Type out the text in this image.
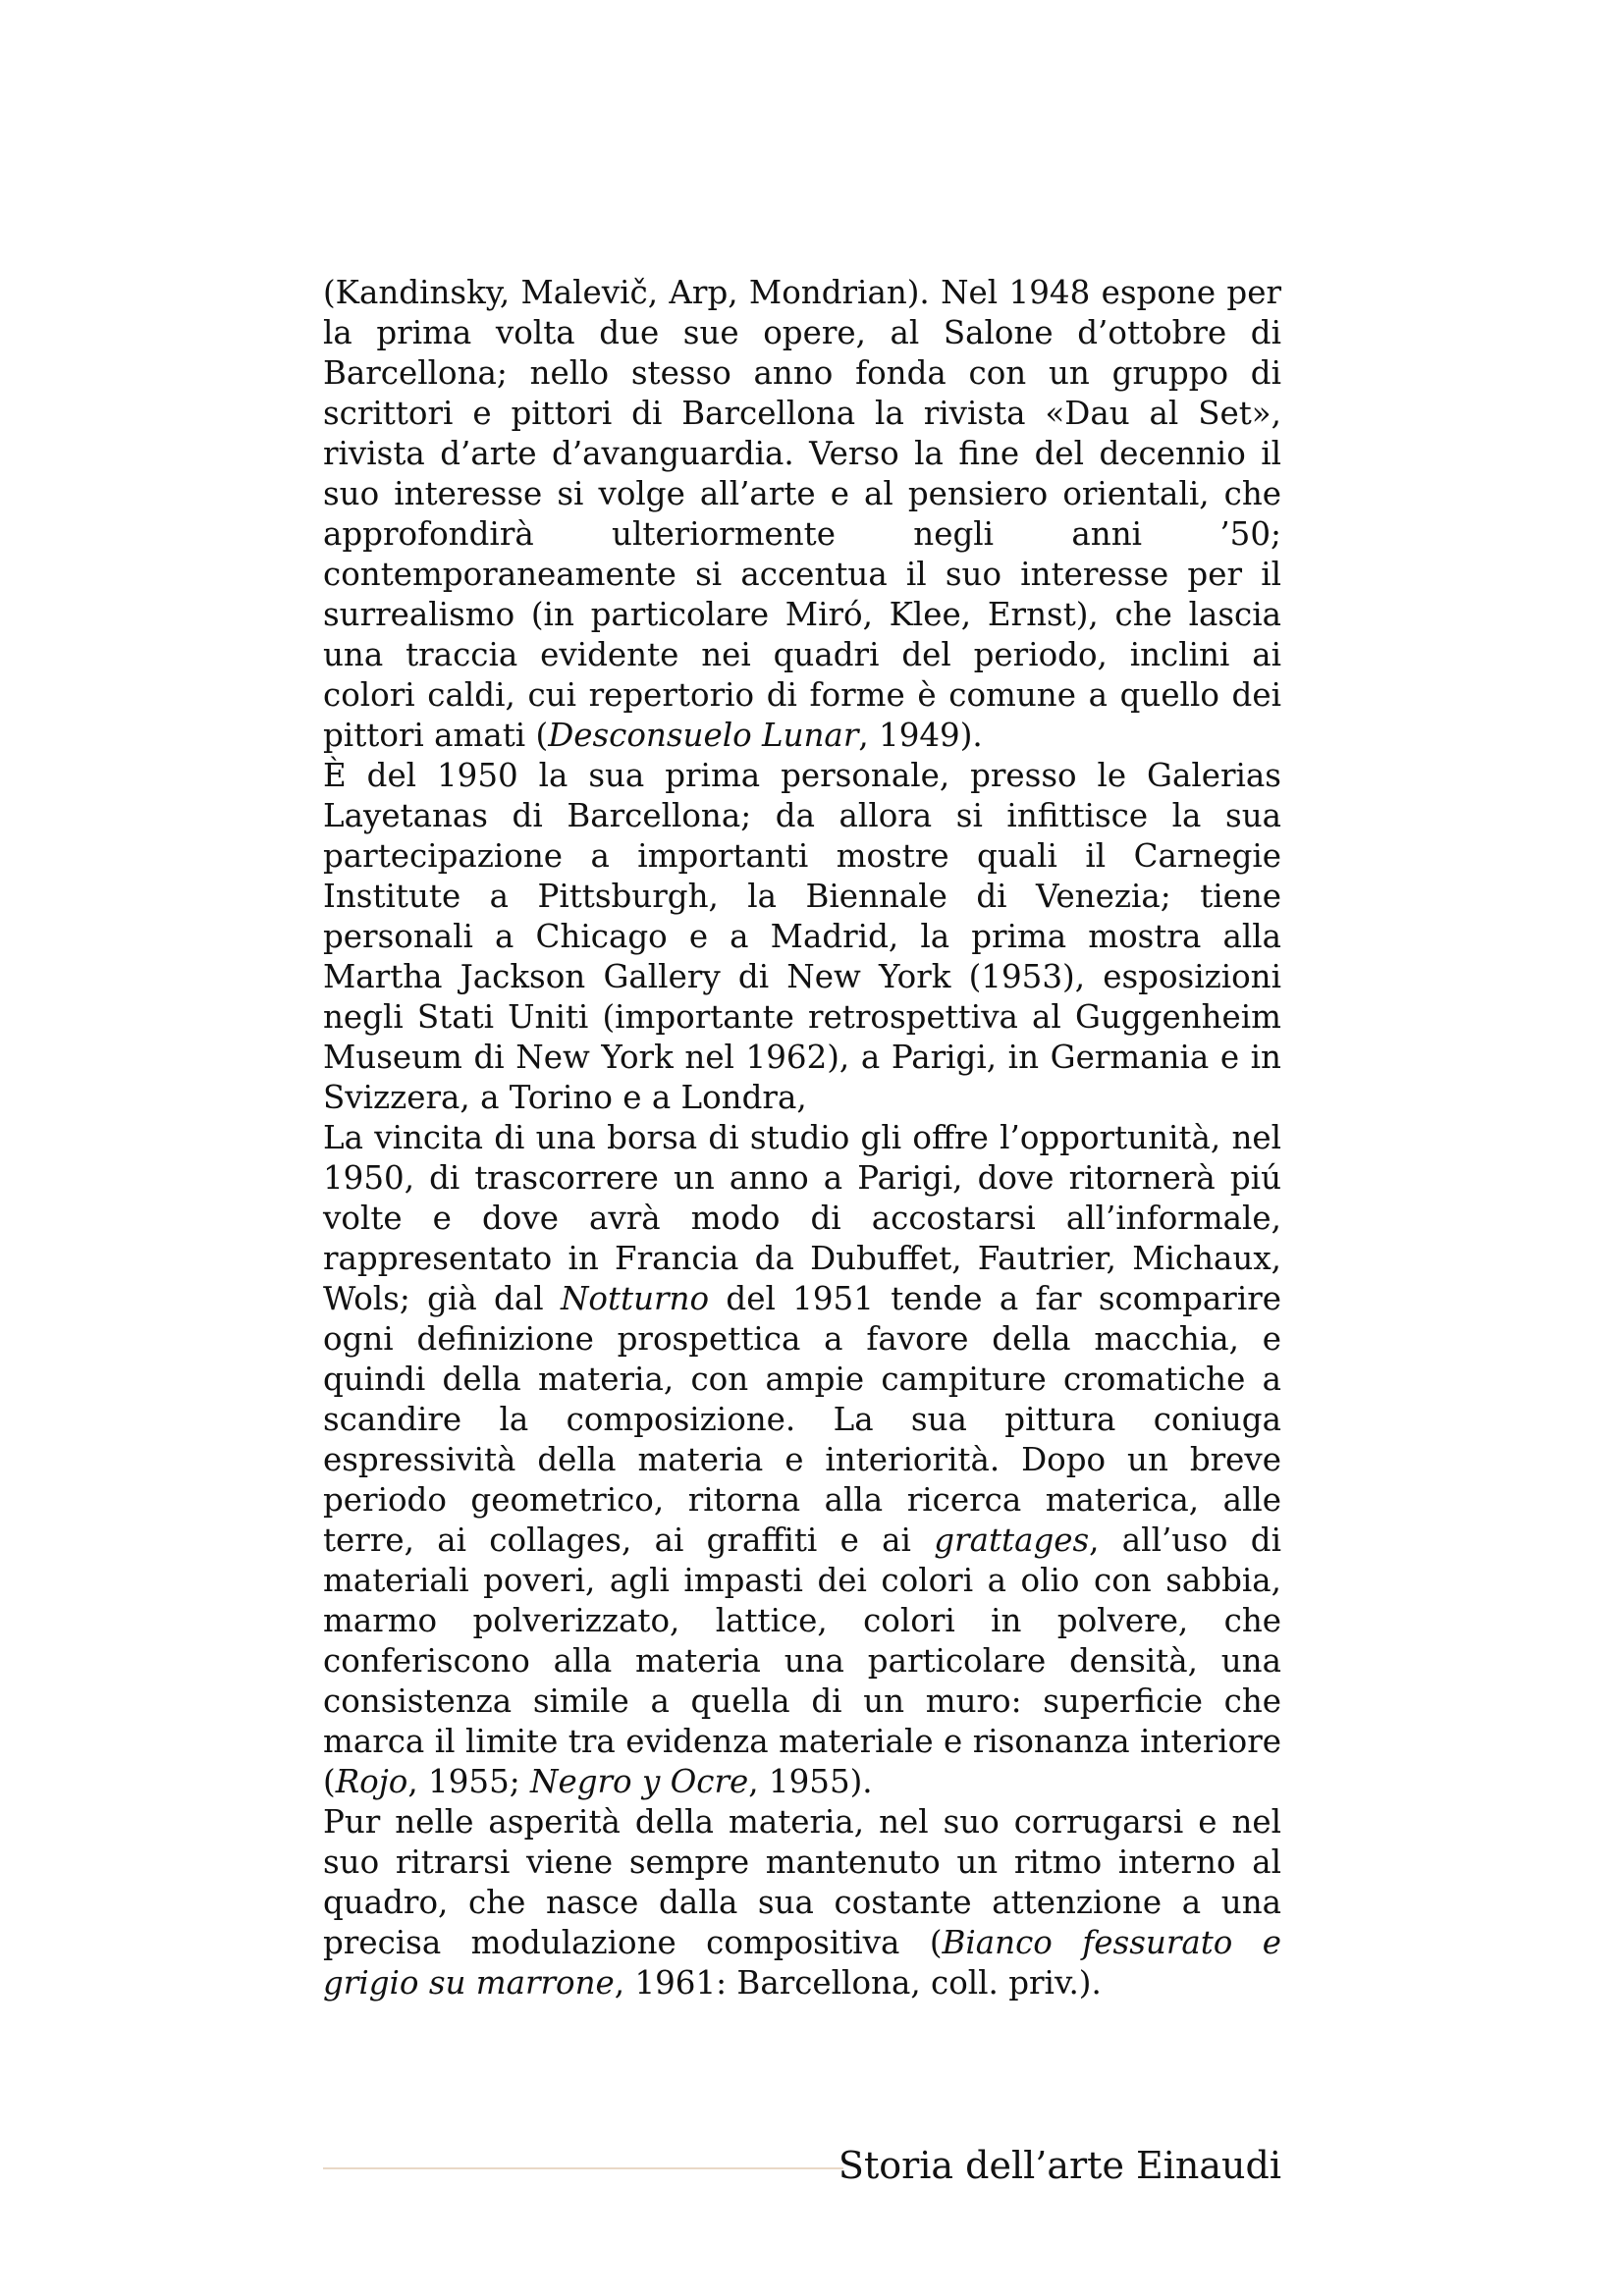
(Kandinsky, Malevič, Arp, Mondrian). Nel 1948 espone per la prima volta due sue opere, al Salone d’ottobre di Barcellona; nello stesso anno fonda con un gruppo di scrittori e pittori di Barcellona la rivista «Dau al Set», rivista d’arte d’avanguardia. Verso la fine del decennio il suo interesse si volge all’arte e al pensiero orientali, che approfondirà ulteriormente negli anni ’50; contemporaneamente si accentua il suo interesse per il surrealismo (in particolare Miró, Klee, Ernst), che lascia una traccia evidente nei quadri del periodo, inclini ai colori caldi, cui repertorio di forme è comune a quello dei pittori amati (Desconsuelo Lunar, 1949).

È del 1950 la sua prima personale, presso le Galerias Layetanas di Barcellona; da allora si infittisce la sua partecipazione a importanti mostre quali il Carnegie Institute a Pittsburgh, la Biennale di Venezia; tiene personali a Chicago e a Madrid, la prima mostra alla Martha Jackson Gallery di New York (1953), esposizioni negli Stati Uniti (importante retrospettiva al Guggenheim Museum di New York nel 1962), a Parigi, in Germania e in Svizzera, a Torino e a Londra,

La vincita di una borsa di studio gli offre l’opportunità, nel 1950, di trascorrere un anno a Parigi, dove ritornerà piú volte e dove avrà modo di accostarsi all’informale, rappresentato in Francia da Dubuffet, Fautrier, Michaux, Wols; già dal Notturno del 1951 tende a far scomparire ogni definizione prospettica a favore della macchia, e quindi della materia, con ampie campiture cromatiche a scandire la composizione. La sua pittura coniuga espressività della materia e interiorità. Dopo un breve periodo geometrico, ritorna alla ricerca materica, alle terre, ai collages, ai graffiti e ai grattages, all’uso di materiali poveri, agli impasti dei colori a olio con sabbia, marmo polverizzato, lattice, colori in polvere, che conferiscono alla materia una particolare densità, una consistenza simile a quella di un muro: superficie che marca il limite tra evidenza materiale e risonanza interiore (Rojo, 1955; Negro y Ocre, 1955).

Pur nelle asperità della materia, nel suo corrugarsi e nel suo ritrarsi viene sempre mantenuto un ritmo interno al quadro, che nasce dalla sua costante attenzione a una precisa modulazione compositiva (Bianco fessurato e grigio su marrone, 1961: Barcellona, coll. priv.).

Storia dell’arte Einaudi
